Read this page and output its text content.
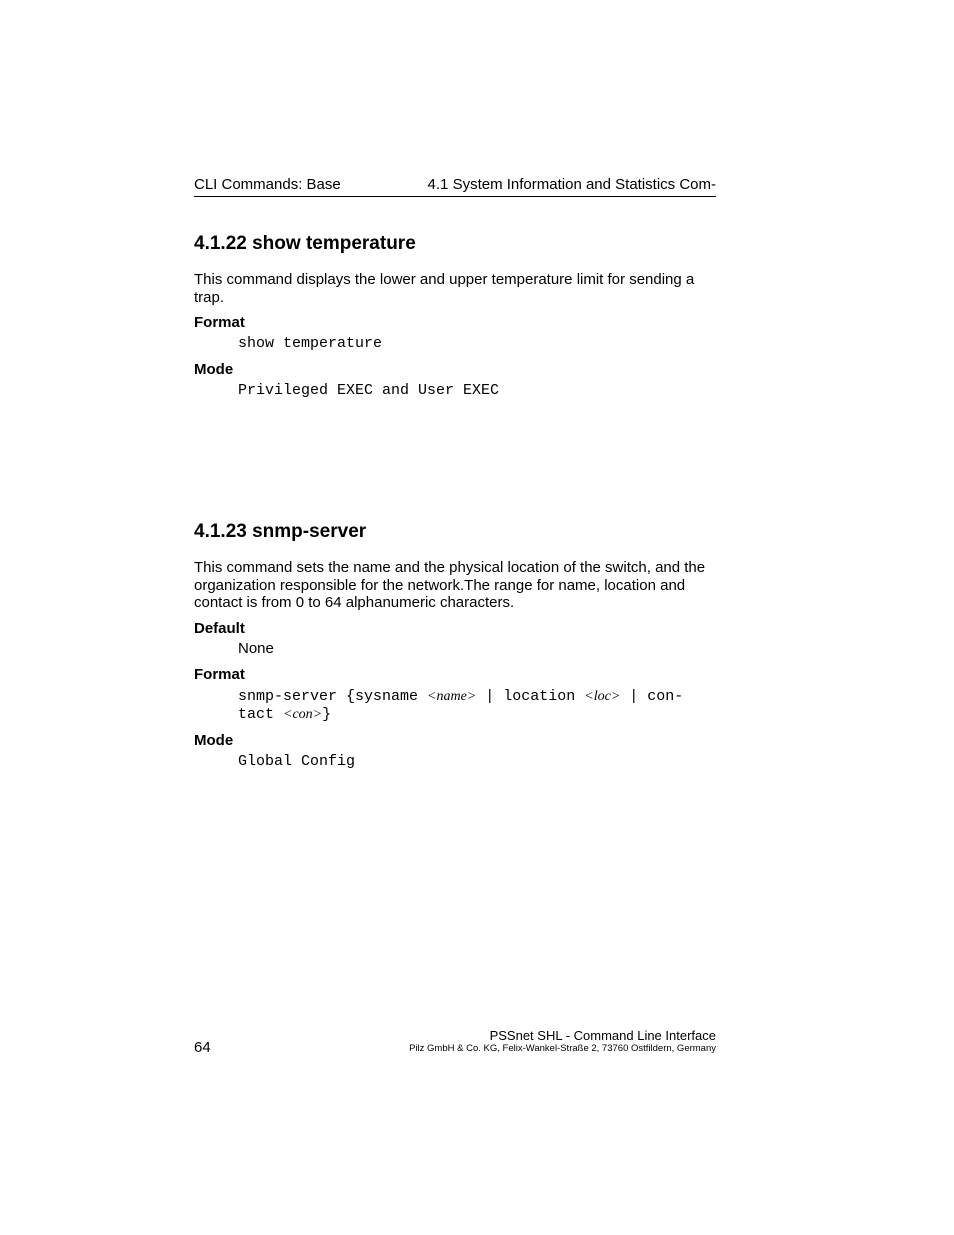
CLI Commands: Base	4.1 System Information and Statistics Com-
4.1.22 show temperature
This command displays the lower and upper temperature limit for sending a trap.
Format
show temperature
Mode
Privileged EXEC and User EXEC
4.1.23 snmp-server
This command sets the name and the physical location of the switch, and the organization responsible for the network.The range for name, location and contact is from 0 to 64 alphanumeric characters.
Default
None
Format
snmp-server {sysname <name> | location <loc> | con-
tact <con>}
Mode
Global Config
64
PSSnet SHL - Command Line Interface
Pilz GmbH & Co. KG, Felix-Wankel-Straße 2, 73760 Ostfildern, Germany
